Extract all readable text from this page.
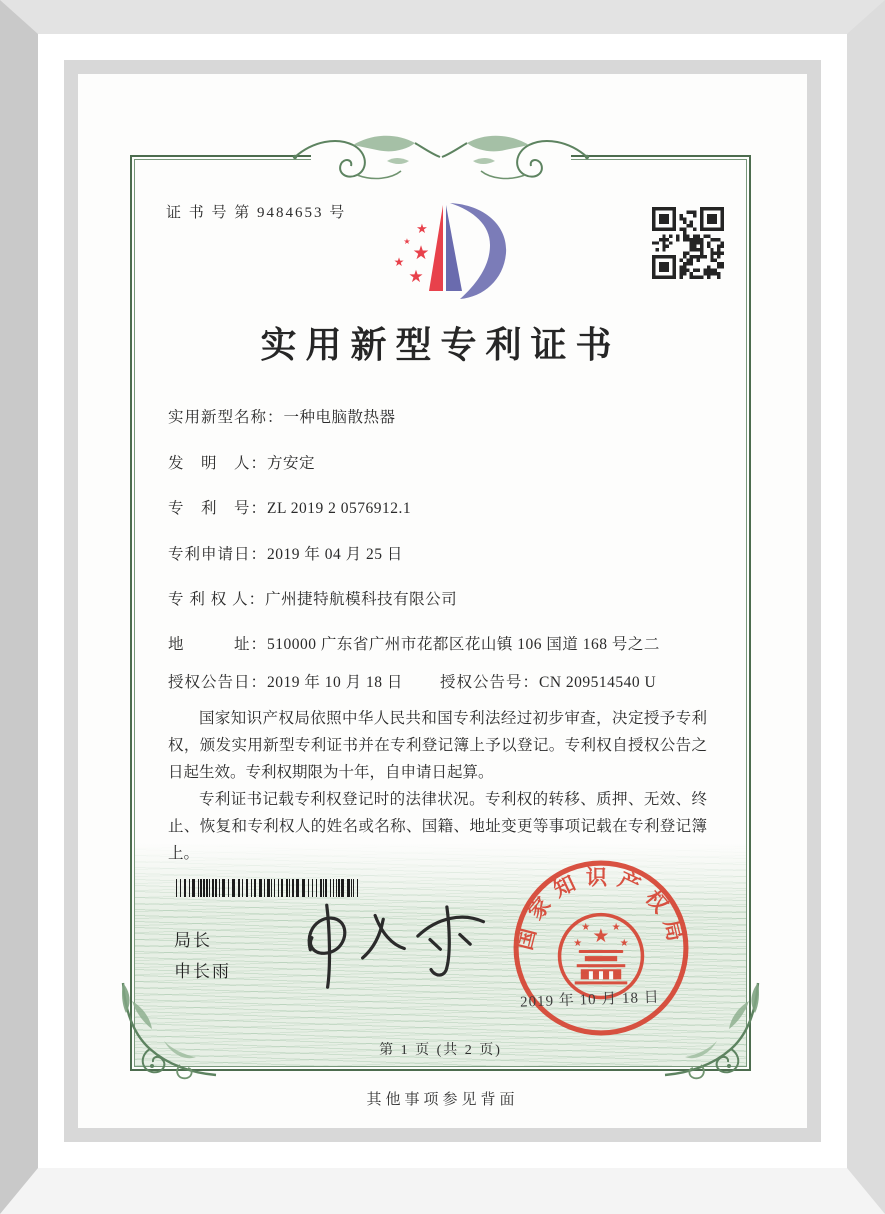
证 书 号 第 9484653 号
★
★
★
★
★
实用新型专利证书
实用新型名称：一种电脑散热器
发　明　人：方安定
专　利　号：ZL 2019 2 0576912.1
专利申请日：2019 年 04 月 25 日
专 利 权 人：广州捷特航模科技有限公司
地　　　址：510000 广东省广州市花都区花山镇 106 国道 168 号之二
授权公告日：2019 年 10 月 18 日 授权公告号：CN 209514540 U

国家知识产权局依照中华人民共和国专利法经过初步审查，决定授予专利权，颁发实用新型专利证书并在专利登记簿上予以登记。专利权自授权公告之日起生效。专利权期限为十年，自申请日起算。

专利证书记载专利权登记时的法律状况。专利权的转移、质押、无效、终止、恢复和专利权人的姓名或名称、国籍、地址变更等事项记载在专利登记簿上。

局长
申长雨
国家知识产权局
★
★
★ ★
★
2019 年 10 月 18 日
第 1 页 (共 2 页)
其他事项参见背面
